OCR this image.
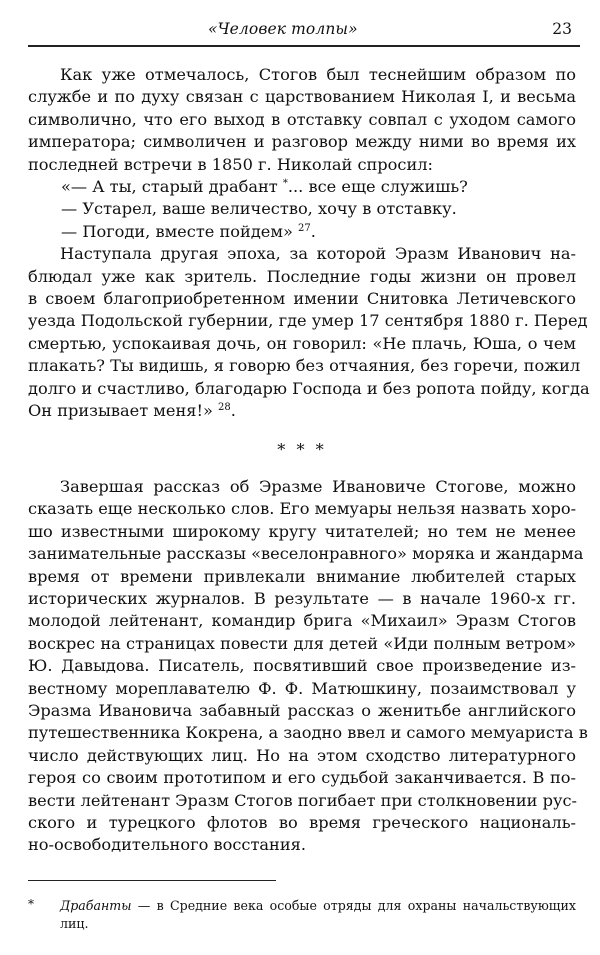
«Человек толпы»	23
Как уже отмечалось, Стогов был теснейшим образом по
службе и по духу связан с царствованием Николая I, и весьма
символично, что его выход в отставку совпал с уходом самого
императора; символичен и разговор между ними во время их
последней встречи в 1850 г. Николай спросил:
«— А ты, старый драбант *... все еще служишь?
— Устарел, ваше величество, хочу в отставку.
— Погоди, вместе пойдем» $^{27}$.
Наступала другая эпоха, за которой Эразм Иванович на-
блюдал уже как зритель. Последние годы жизни он провел
в своем благоприобретенном имении Снитовка Летичевского
уезда Подольской губернии, где умер 17 сентября 1880 г. Перед
смертью, успокаивая дочь, он говорил: «Не плачь, Юша, о чем
плакать? Ты видишь, я говорю без отчаяния, без горечи, пожил
долго и счастливо, благодарю Господа и без ропота пойду, когда
Он призывает меня!» $^{28}$.
* * *
Завершая рассказ об Эразме Ивановиче Стогове, можно
сказать еще несколько слов. Его мемуары нельзя назвать хоро-
шо известными широкому кругу читателей; но тем не менее
занимательные рассказы «веселонравного» моряка и жандарма
время от времени привлекали внимание любителей старых
исторических журналов. В результате — в начале 1960-х гг.
молодой лейтенант, командир брига «Михаил» Эразм Стогов
воскрес на страницах повести для детей «Иди полным ветром»
Ю. Давыдова. Писатель, посвятивший свое произведение из-
вестному мореплавателю Ф. Ф. Матюшкину, позаимствовал у
Эразма Ивановича забавный рассказ о женитьбе английского
путешественника Кокрена, а заодно ввел и самого мемуариста в
число действующих лиц. Но на этом сходство литературного
героя со своим прототипом и его судьбой заканчивается. В по-
вести лейтенант Эразм Стогов погибает при столкновении рус-
ского и турецкого флотов во время греческого националь-
но-освободительного восстания.
* Драбанты — в Средние века особые отряды для охраны начальствующих
лиц.
